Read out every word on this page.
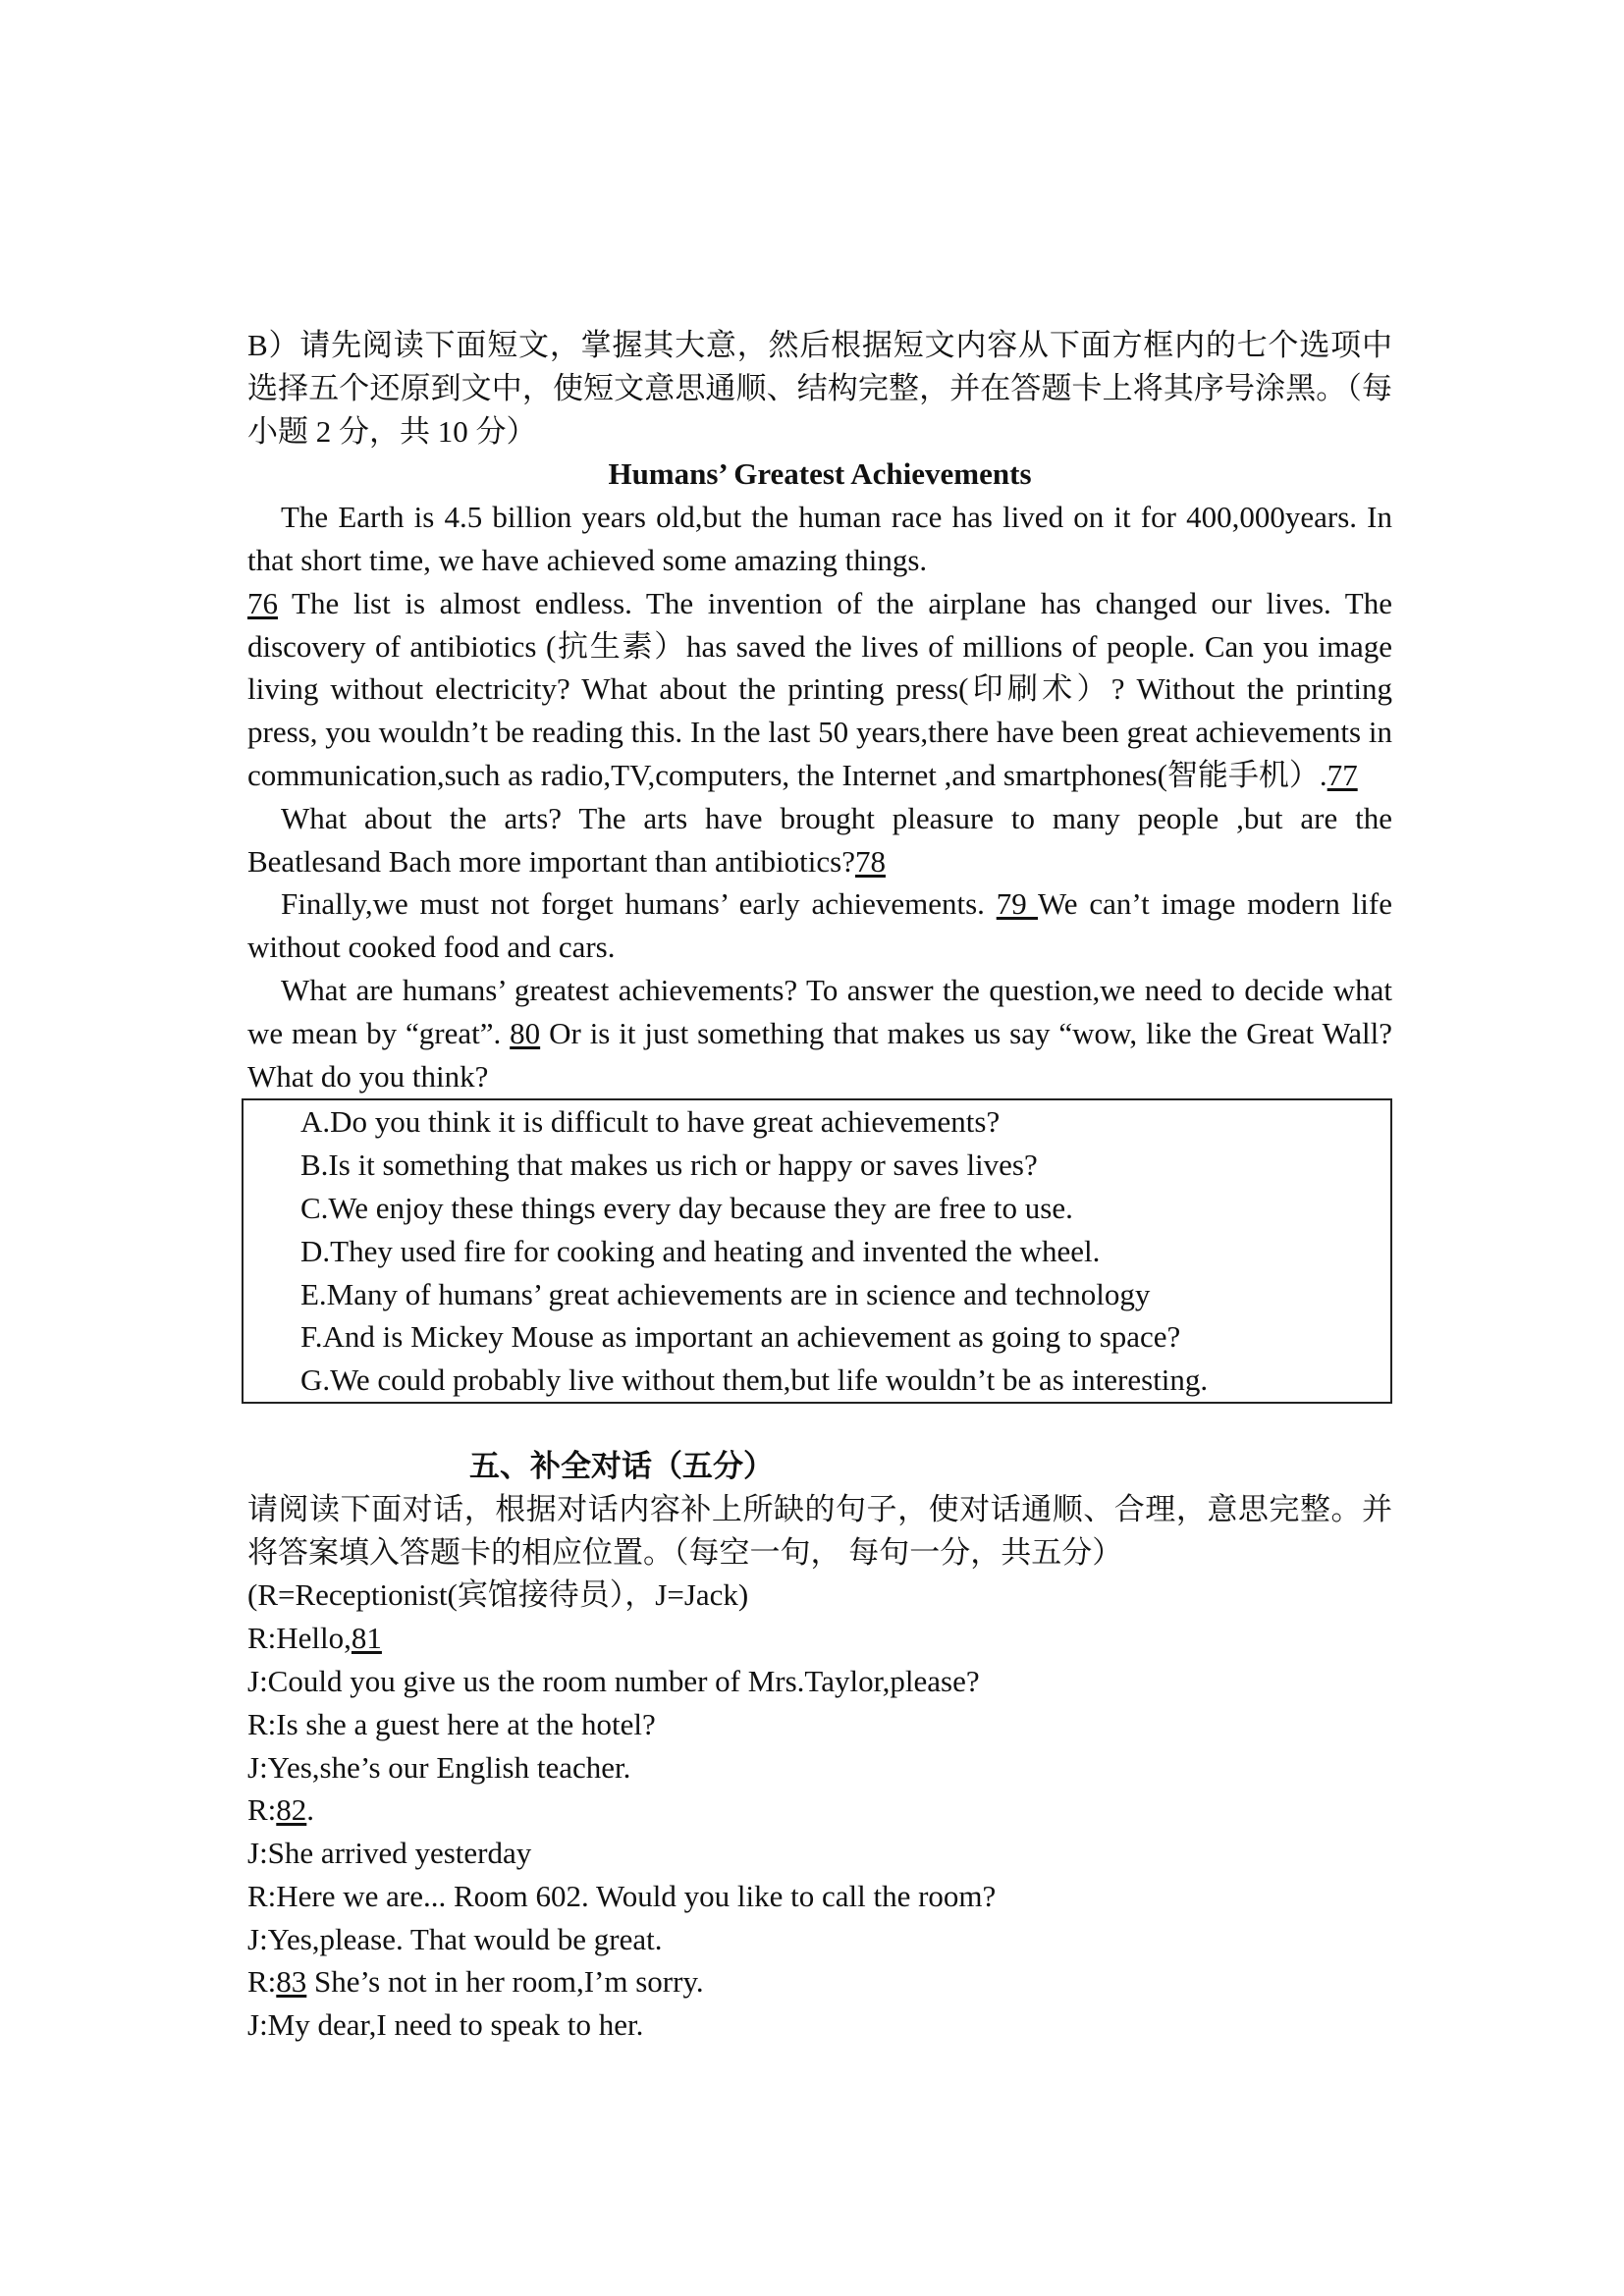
B）请先阅读下面短文，掌握其大意，然后根据短文内容从下面方框内的七个选项中选择五个还原到文中，使短文意思通顺、结构完整，并在答题卡上将其序号涂黑。（每小题 2 分，共 10 分）

Humans’ Greatest Achievements

The Earth is 4.5 billion years old,but the human race has lived on it for 400,000years. In that short time, we have achieved some amazing things.

76 The list is almost endless. The invention of the airplane has changed our lives. The discovery of antibiotics (抗生素）has saved the lives of millions of people. Can you image living without electricity? What about the printing press(印刷术）? Without the printing press, you wouldn’t be reading this. In the last 50 years,there have been great achievements in communication,such as radio,TV,computers, the Internet ,and smartphones(智能手机）.77

What about the arts? The arts have brought pleasure to many people ,but are the Beatlesand Bach more important than antibiotics?78

Finally,we must not forget humans’ early achievements. 79 We can’t image modern life without cooked food and cars.

What are humans’ greatest achievements? To answer the question,we need to decide what we mean by “great”. 80 Or is it just something that makes us say “wow, like the Great Wall? What do you think?

A.Do you think it is difficult to have great achievements?
B.Is it something that makes us rich or happy or saves lives?
C.We enjoy these things every day because they are free to use.
D.They used fire for cooking and heating and invented the wheel.
E.Many of humans’ great achievements are in science and technology
F.And is Mickey Mouse as important an achievement as going to space?
G.We could probably live without them,but life wouldn’t be as interesting.

五、补全对话（五分）

请阅读下面对话，根据对话内容补上所缺的句子，使对话通顺、合理，意思完整。并将答案填入答题卡的相应位置。（每空一句， 每句一分，共五分）

(R=Receptionist(宾馆接待员），J=Jack)

R:Hello,81

J:Could you give us the room number of Mrs.Taylor,please?

R:Is she a guest here at the hotel?

J:Yes,she’s our English teacher.

R:82.

J:She arrived yesterday

R:Here we are... Room 602. Would you like to call the room?

J:Yes,please. That would be great.

R:83 She’s not in her room,I’m sorry.

J:My dear,I need to speak to her.
